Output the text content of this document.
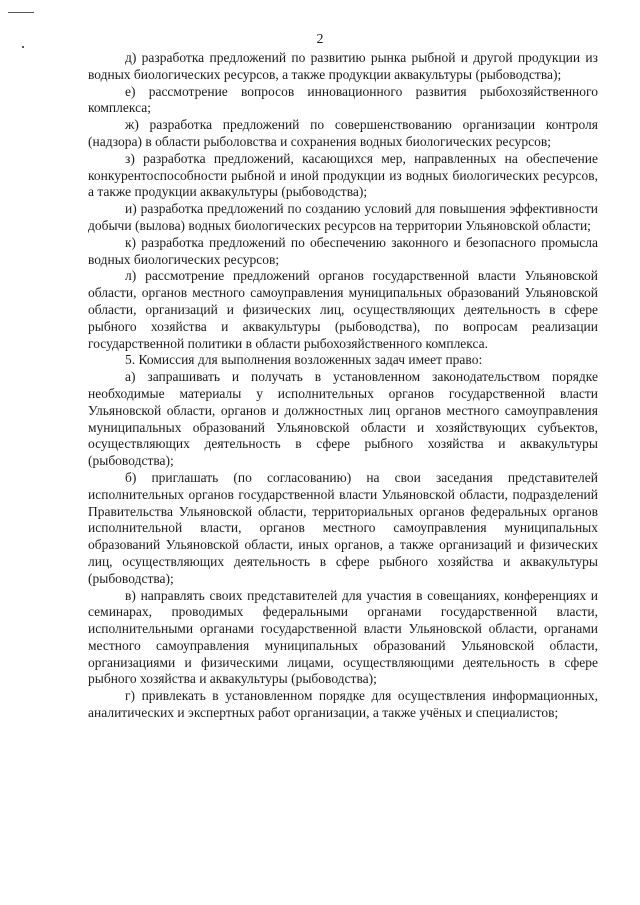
2

д) разработка предложений по развитию рынка рыбной и другой продукции из водных биологических ресурсов, а также продукции аквакультуры (рыбоводства);

е) рассмотрение вопросов инновационного развития рыбохозяйственного комплекса;

ж) разработка предложений по совершенствованию организации контроля (надзора) в области рыболовства и сохранения водных биологических ресурсов;

з) разработка предложений, касающихся мер, направленных на обеспечение конкурентоспособности рыбной и иной продукции из водных биологических ресурсов, а также продукции аквакультуры (рыбоводства);

и) разработка предложений по созданию условий для повышения эффективности добычи (вылова) водных биологических ресурсов на территории Ульяновской области;

к) разработка предложений по обеспечению законного и безопасного промысла водных биологических ресурсов;

л) рассмотрение предложений органов государственной власти Ульяновской области, органов местного самоуправления муниципальных образований Ульяновской области, организаций и физических лиц, осуществляющих деятельность в сфере рыбного хозяйства и аквакультуры (рыбоводства), по вопросам реализации государственной политики в области рыбохозяйственного комплекса.

5. Комиссия для выполнения возложенных задач имеет право:

а) запрашивать и получать в установленном законодательством порядке необходимые материалы у исполнительных органов государственной власти Ульяновской области, органов и должностных лиц органов местного самоуправления муниципальных образований Ульяновской области и хозяйствующих субъектов, осуществляющих деятельность в сфере рыбного хозяйства и аквакультуры (рыбоводства);

б) приглашать (по согласованию) на свои заседания представителей исполнительных органов государственной власти Ульяновской области, подразделений Правительства Ульяновской области, территориальных органов федеральных органов исполнительной власти, органов местного самоуправления муниципальных образований Ульяновской области, иных органов, а также организаций и физических лиц, осуществляющих деятельность в сфере рыбного хозяйства и аквакультуры (рыбоводства);

в) направлять своих представителей для участия в совещаниях, конференциях и семинарах, проводимых федеральными органами государственной власти, исполнительными органами государственной власти Ульяновской области, органами местного самоуправления муниципальных образований Ульяновской области, организациями и физическими лицами, осуществляющими деятельность в сфере рыбного хозяйства и аквакультуры (рыбоводства);

г) привлекать в установленном порядке для осуществления информационных, аналитических и экспертных работ организации, а также учёных и специалистов;
